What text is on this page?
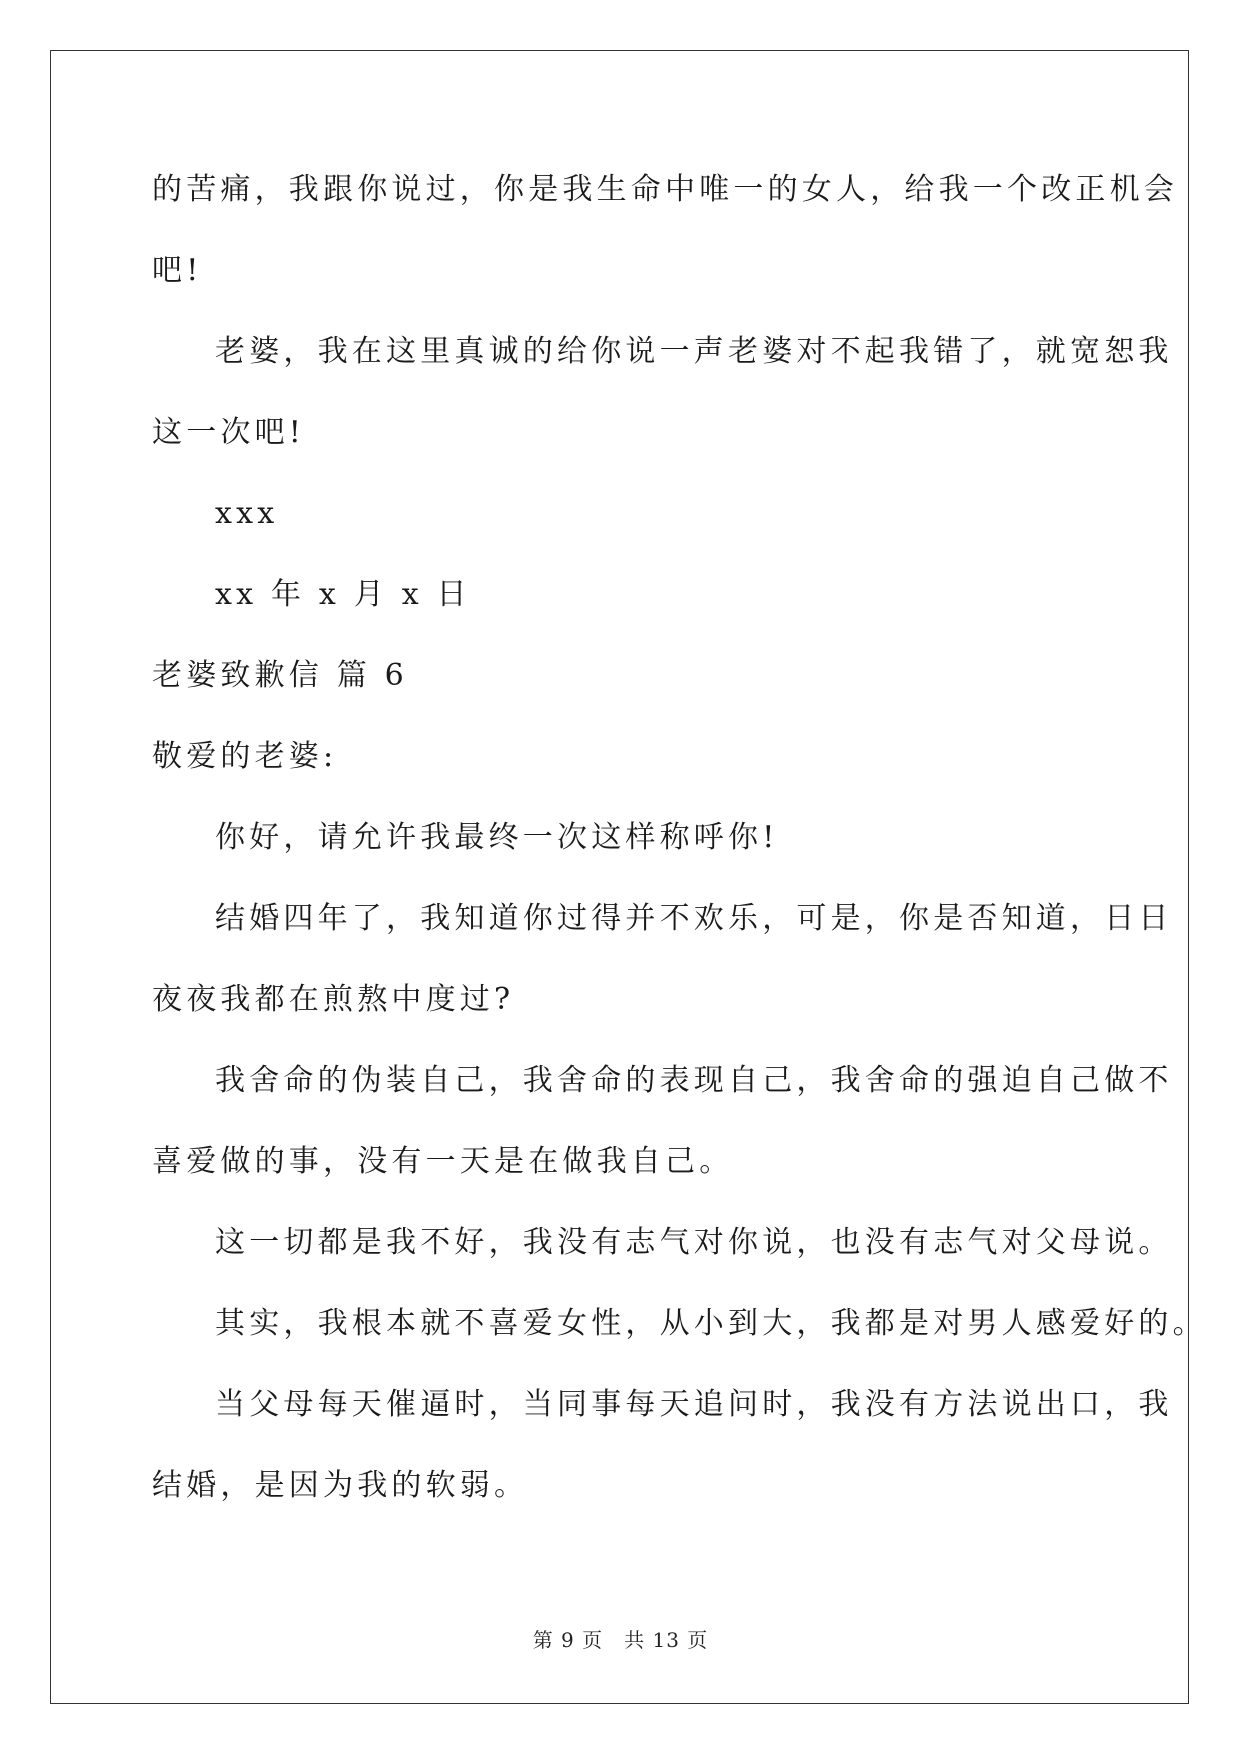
的苦痛，我跟你说过，你是我生命中唯一的女人，给我一个改正机会
吧!
老婆，我在这里真诚的给你说一声老婆对不起我错了，就宽恕我
这一次吧!
xxx
xx 年 x 月 x 日
老婆致歉信 篇 6
敬爱的老婆:
你好，请允许我最终一次这样称呼你!
结婚四年了，我知道你过得并不欢乐，可是，你是否知道，日日
夜夜我都在煎熬中度过?
我舍命的伪装自己，我舍命的表现自己，我舍命的强迫自己做不
喜爱做的事，没有一天是在做我自己。
这一切都是我不好，我没有志气对你说，也没有志气对父母说。
其实，我根本就不喜爱女性，从小到大，我都是对男人感爱好的。
当父母每天催逼时，当同事每天追问时，我没有方法说出口，我
结婚，是因为我的软弱。
第 9 页　共 13 页
